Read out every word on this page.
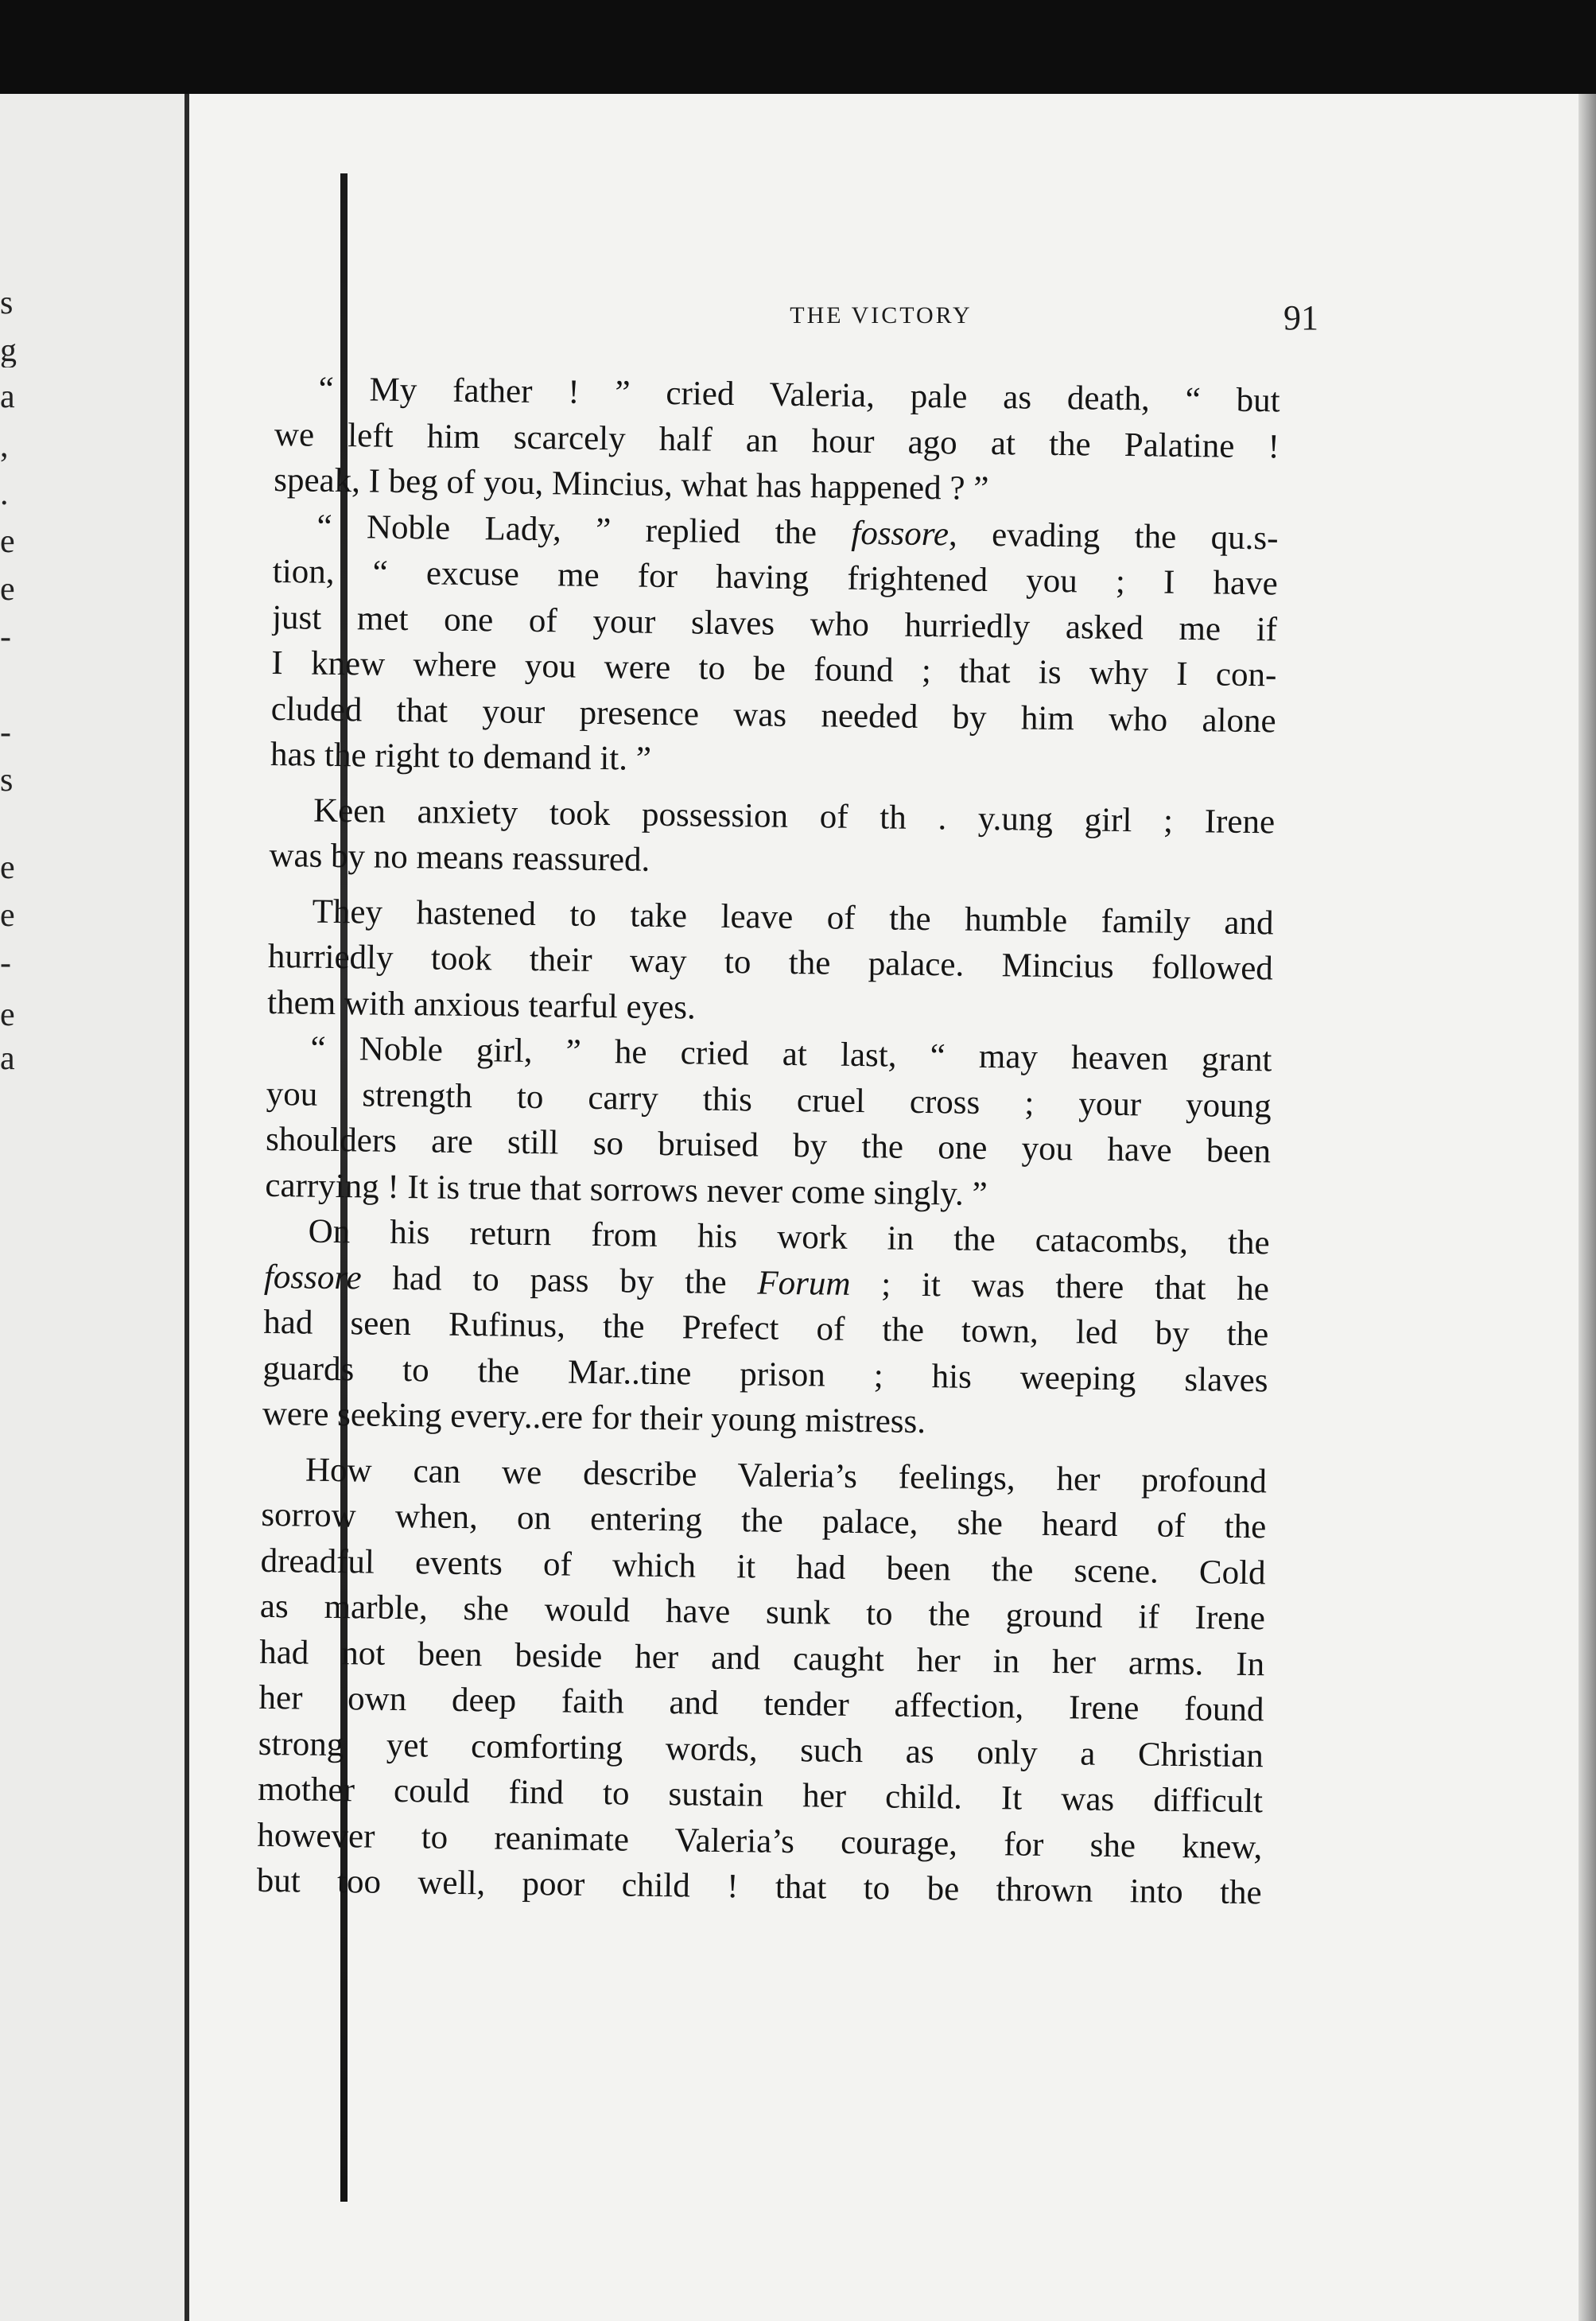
s
g
a
,
.
e
e
-
-
s
e
e
-
e
a
THE VICTORY	91
“ My father ! ” cried Valeria, pale as death, “ but
we left him scarcely half an hour ago at the Palatine !
speak, I beg of you, Mincius, what has happened ? ”
“ Noble Lady, ” replied the fossore, evading the qu.s-
tion, “ excuse me for having frightened you ; I have
just met one of your slaves who hurriedly asked me if
I knew where you were to be found ; that is why I con-
cluded that your presence was needed by him who alone
has the right to demand it. ”
Keen anxiety took possession of th . y.ung girl ; Irene
was by no means reassured.
They hastened to take leave of the humble family and
hurriedly took their way to the palace. Mincius followed
them with anxious tearful eyes.
“ Noble girl, ” he cried at last, “ may heaven grant
you strength to carry this cruel cross ; your young
shoulders are still so bruised by the one you have been
carrying ! It is true that sorrows never come singly. ”
On his return from his work in the catacombs, the
fossore had to pass by the Forum ; it was there that he
had seen Rufinus, the Prefect of the town, led by the
guards to the Mar..tine prison ; his weeping slaves
were seeking every..ere for their young mistress.
How can we describe Valeria’s feelings, her profound
sorrow when, on entering the palace, she heard of the
dreadful events of which it had been the scene. Cold
as marble, she would have sunk to the ground if Irene
had not been beside her and caught her in her arms. In
her own deep faith and tender affection, Irene found
strong yet comforting words, such as only a Christian
mother could find to sustain her child. It was difficult
however to reanimate Valeria’s courage, for she knew,
but too well, poor child ! that to be thrown into the
